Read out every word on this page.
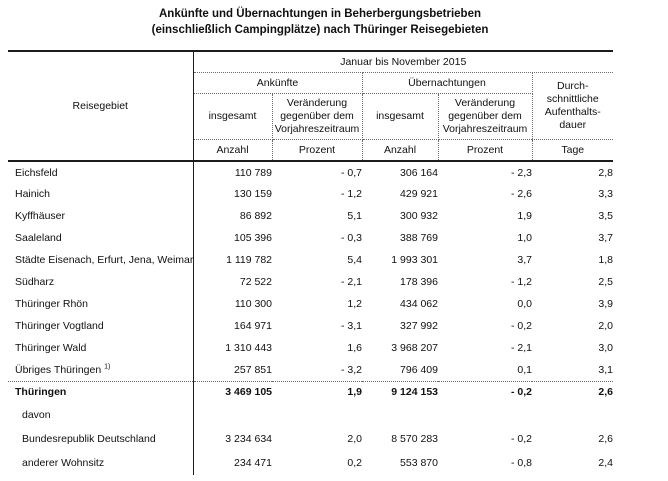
Ankünfte und Übernachtungen in Beherbergungsbetrieben
(einschließlich Campingplätze) nach Thüringer Reisegebieten
Reisegebiet	Januar bis November 2015				
	Ankünfte		Übernachtungen		Durch-
schnittliche
Aufenthalts-
dauer
	insgesamt	Veränderung
gegenüber dem
Vorjahreszeitraum	insgesamt	Veränderung
gegenüber dem
Vorjahreszeitraum	
	Anzahl	Prozent	Anzahl	Prozent	Tage
Eichsfeld	110 789	- 0,7	306 164	- 2,3	2,8
Hainich	130 159	- 1,2	429 921	- 2,6	3,3
Kyffhäuser	86 892	5,1	300 932	1,9	3,5
Saaleland	105 396	- 0,3	388 769	1,0	3,7
Städte Eisenach, Erfurt, Jena, Weimar	1 119 782	5,4	1 993 301	3,7	1,8
Südharz	72 522	- 2,1	178 396	- 1,2	2,5
Thüringer Rhön	110 300	1,2	434 062	0,0	3,9
Thüringer Vogtland	164 971	- 3,1	327 992	- 0,2	2,0
Thüringer Wald	1 310 443	1,6	3 968 207	- 2,1	3,0
Übriges Thüringen $^{1)}$	257 851	- 3,2	796 409	0,1	3,1
Thüringen	3 469 105	1,9	9 124 153	- 0,2	2,6
davon					
Bundesrepublik Deutschland	3 234 634	2,0	8 570 283	- 0,2	2,6
anderer Wohnsitz	234 471	0,2	553 870	- 0,8	2,4
